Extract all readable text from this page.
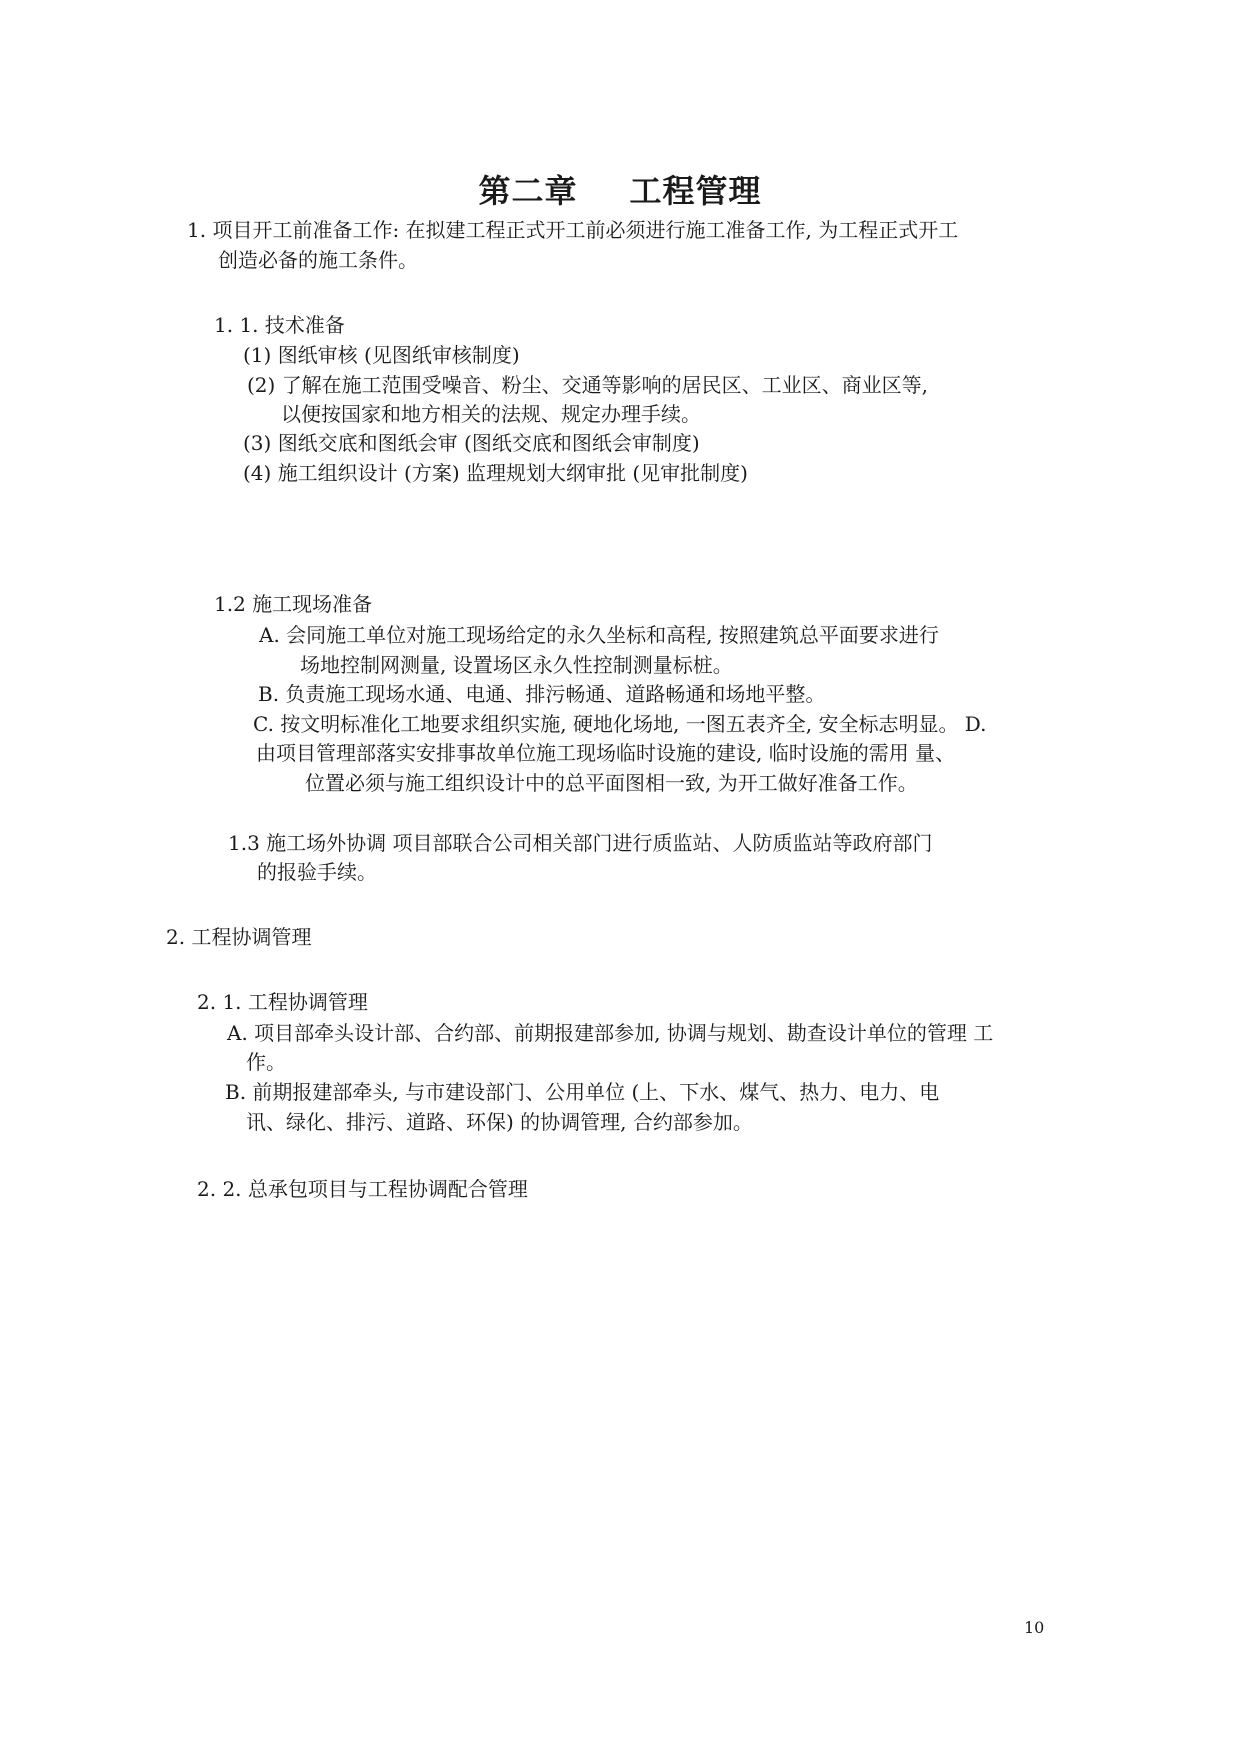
第二章 工程管理

1. 项目开工前准备工作: 在拟建工程正式开工前必须进行施工准备工作, 为工程正式开工

创造必备的施工条件。

1. 1. 技术准备

(1) 图纸审核 (见图纸审核制度)

(2) 了解在施工范围受噪音、粉尘、交通等影响的居民区、工业区、商业区等,

以便按国家和地方相关的法规、规定办理手续。

(3) 图纸交底和图纸会审 (图纸交底和图纸会审制度)

(4) 施工组织设计 (方案) 监理规划大纲审批 (见审批制度)

1.2 施工现场准备

A. 会同施工单位对施工现场给定的永久坐标和高程, 按照建筑总平面要求进行

场地控制网测量, 设置场区永久性控制测量标桩。

B. 负责施工现场水通、电通、排污畅通、道路畅通和场地平整。

C. 按文明标准化工地要求组织实施, 硬地化场地, 一图五表齐全, 安全标志明显。 D.

由项目管理部落实安排事故单位施工现场临时设施的建设, 临时设施的需用 量、

位置必须与施工组织设计中的总平面图相一致, 为开工做好准备工作。

1.3 施工场外协调 项目部联合公司相关部门进行质监站、人防质监站等政府部门

的报验手续。

2. 工程协调管理

2. 1. 工程协调管理

A. 项目部牵头设计部、合约部、前期报建部参加, 协调与规划、勘查设计单位的管理 工

作。

B. 前期报建部牵头, 与市建设部门、公用单位 (上、下水、煤气、热力、电力、电

讯、绿化、排污、道路、环保) 的协调管理, 合约部参加。

2. 2. 总承包项目与工程协调配合管理

10
